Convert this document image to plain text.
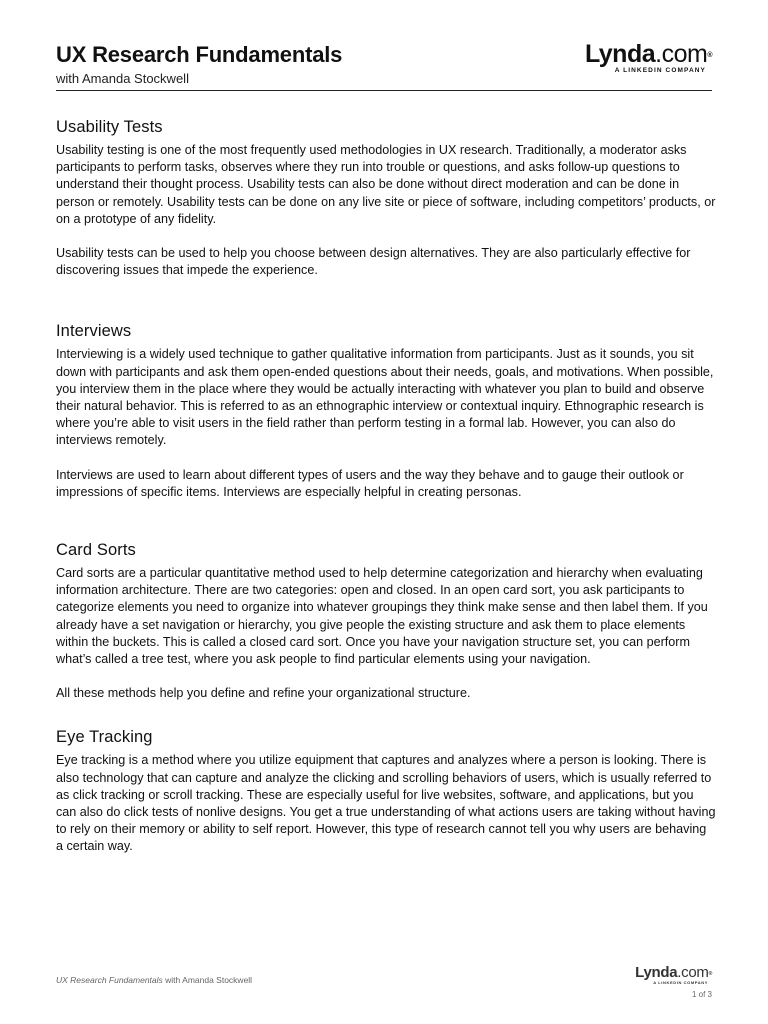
UX Research Fundamentals
with Amanda Stockwell
Lynda.com®
A LINKEDIN COMPANY
Usability Tests

Usability testing is one of the most frequently used methodologies in UX research. Traditionally, a moderator asks participants to perform tasks, observes where they run into trouble or questions, and asks follow-up questions to understand their thought process. Usability tests can also be done without direct moderation and can be done in person or remotely. Usability tests can be done on any live site or piece of software, including competitors’ products, or on a prototype of any fidelity.

Usability tests can be used to help you choose between design alternatives. They are also particularly effective for discovering issues that impede the experience.

Interviews

Interviewing is a widely used technique to gather qualitative information from participants. Just as it sounds, you sit down with participants and ask them open-ended questions about their needs, goals, and motivations. When possible, you interview them in the place where they would be actually interacting with whatever you plan to build and observe their natural behavior. This is referred to as an ethnographic interview or contextual inquiry. Ethnographic research is where you’re able to visit users in the field rather than perform testing in a formal lab. However, you can also do interviews remotely.

Interviews are used to learn about different types of users and the way they behave and to gauge their outlook or impressions of specific items. Interviews are especially helpful in creating personas.

Card Sorts

Card sorts are a particular quantitative method used to help determine categorization and hierarchy when evaluating information architecture. There are two categories: open and closed. In an open card sort, you ask participants to categorize elements you need to organize into whatever groupings they think make sense and then label them. If you already have a set navigation or hierarchy, you give people the existing structure and ask them to place elements within the buckets. This is called a closed card sort. Once you have your navigation structure set, you can perform what’s called a tree test, where you ask people to find particular elements using your navigation.

All these methods help you define and refine your organizational structure.

Eye Tracking

Eye tracking is a method where you utilize equipment that captures and analyzes where a person is looking. There is also technology that can capture and analyze the clicking and scrolling behaviors of users, which is usually referred to as click tracking or scroll tracking. These are especially useful for live websites, software, and applications, but you can also do click tests of nonlive designs. You get a true understanding of what actions users are taking without having to rely on their memory or ability to self report. However, this type of research cannot tell you why users are behaving a certain way.

UX Research Fundamentals with Amanda Stockwell	Lynda.com®
A LINKEDIN COMPANY
1 of 3
